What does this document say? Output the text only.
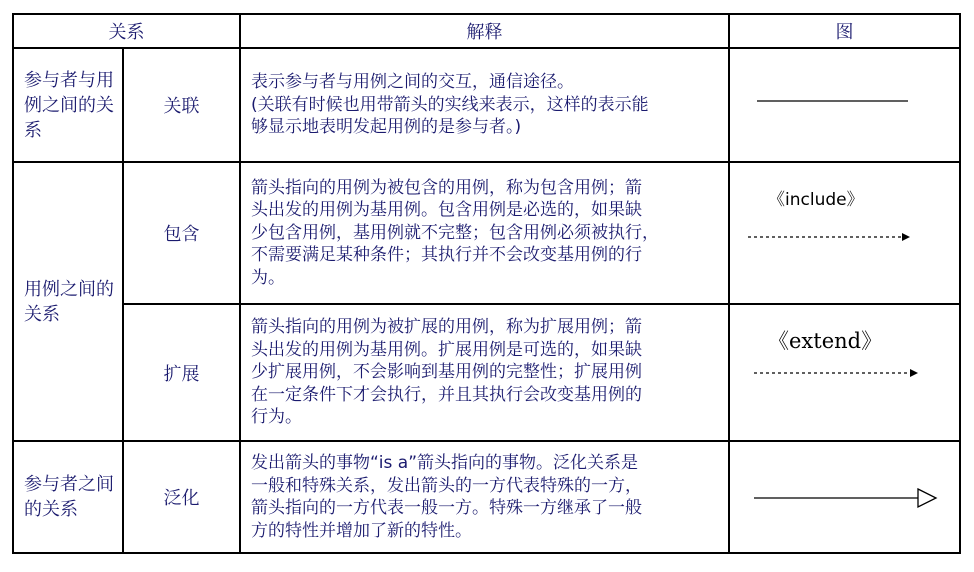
关系		解释	图
参与者与用例之间的关系	关联	表示参与者与用例之间的交互，通信途径。

(关联有时候也用带箭头的实线来表示，这样的表示能

够显示地表明发起用例的是参与者。)

用例之间的关系	包含	箭头指向的用例为被包含的用例，称为包含用例；箭

头出发的用例为基用例。包含用例是必选的，如果缺

少包含用例，基用例就不完整；包含用例必须被执行，

不需要满足某种条件；其执行并不会改变基用例的行

为。	《include》

	扩展	箭头指向的用例为被扩展的用例，称为扩展用例；箭

头出发的用例为基用例。扩展用例是可选的，如果缺

少扩展用例，不会影响到基用例的完整性；扩展用例

在一定条件下才会执行，并且其执行会改变基用例的

行为。	《extend》

参与者之间的关系	泛化	发出箭头的事物“is a”箭头指向的事物。泛化关系是

一般和特殊关系，发出箭头的一方代表特殊的一方，

箭头指向的一方代表一般一方。特殊一方继承了一般

方的特性并增加了新的特性。
